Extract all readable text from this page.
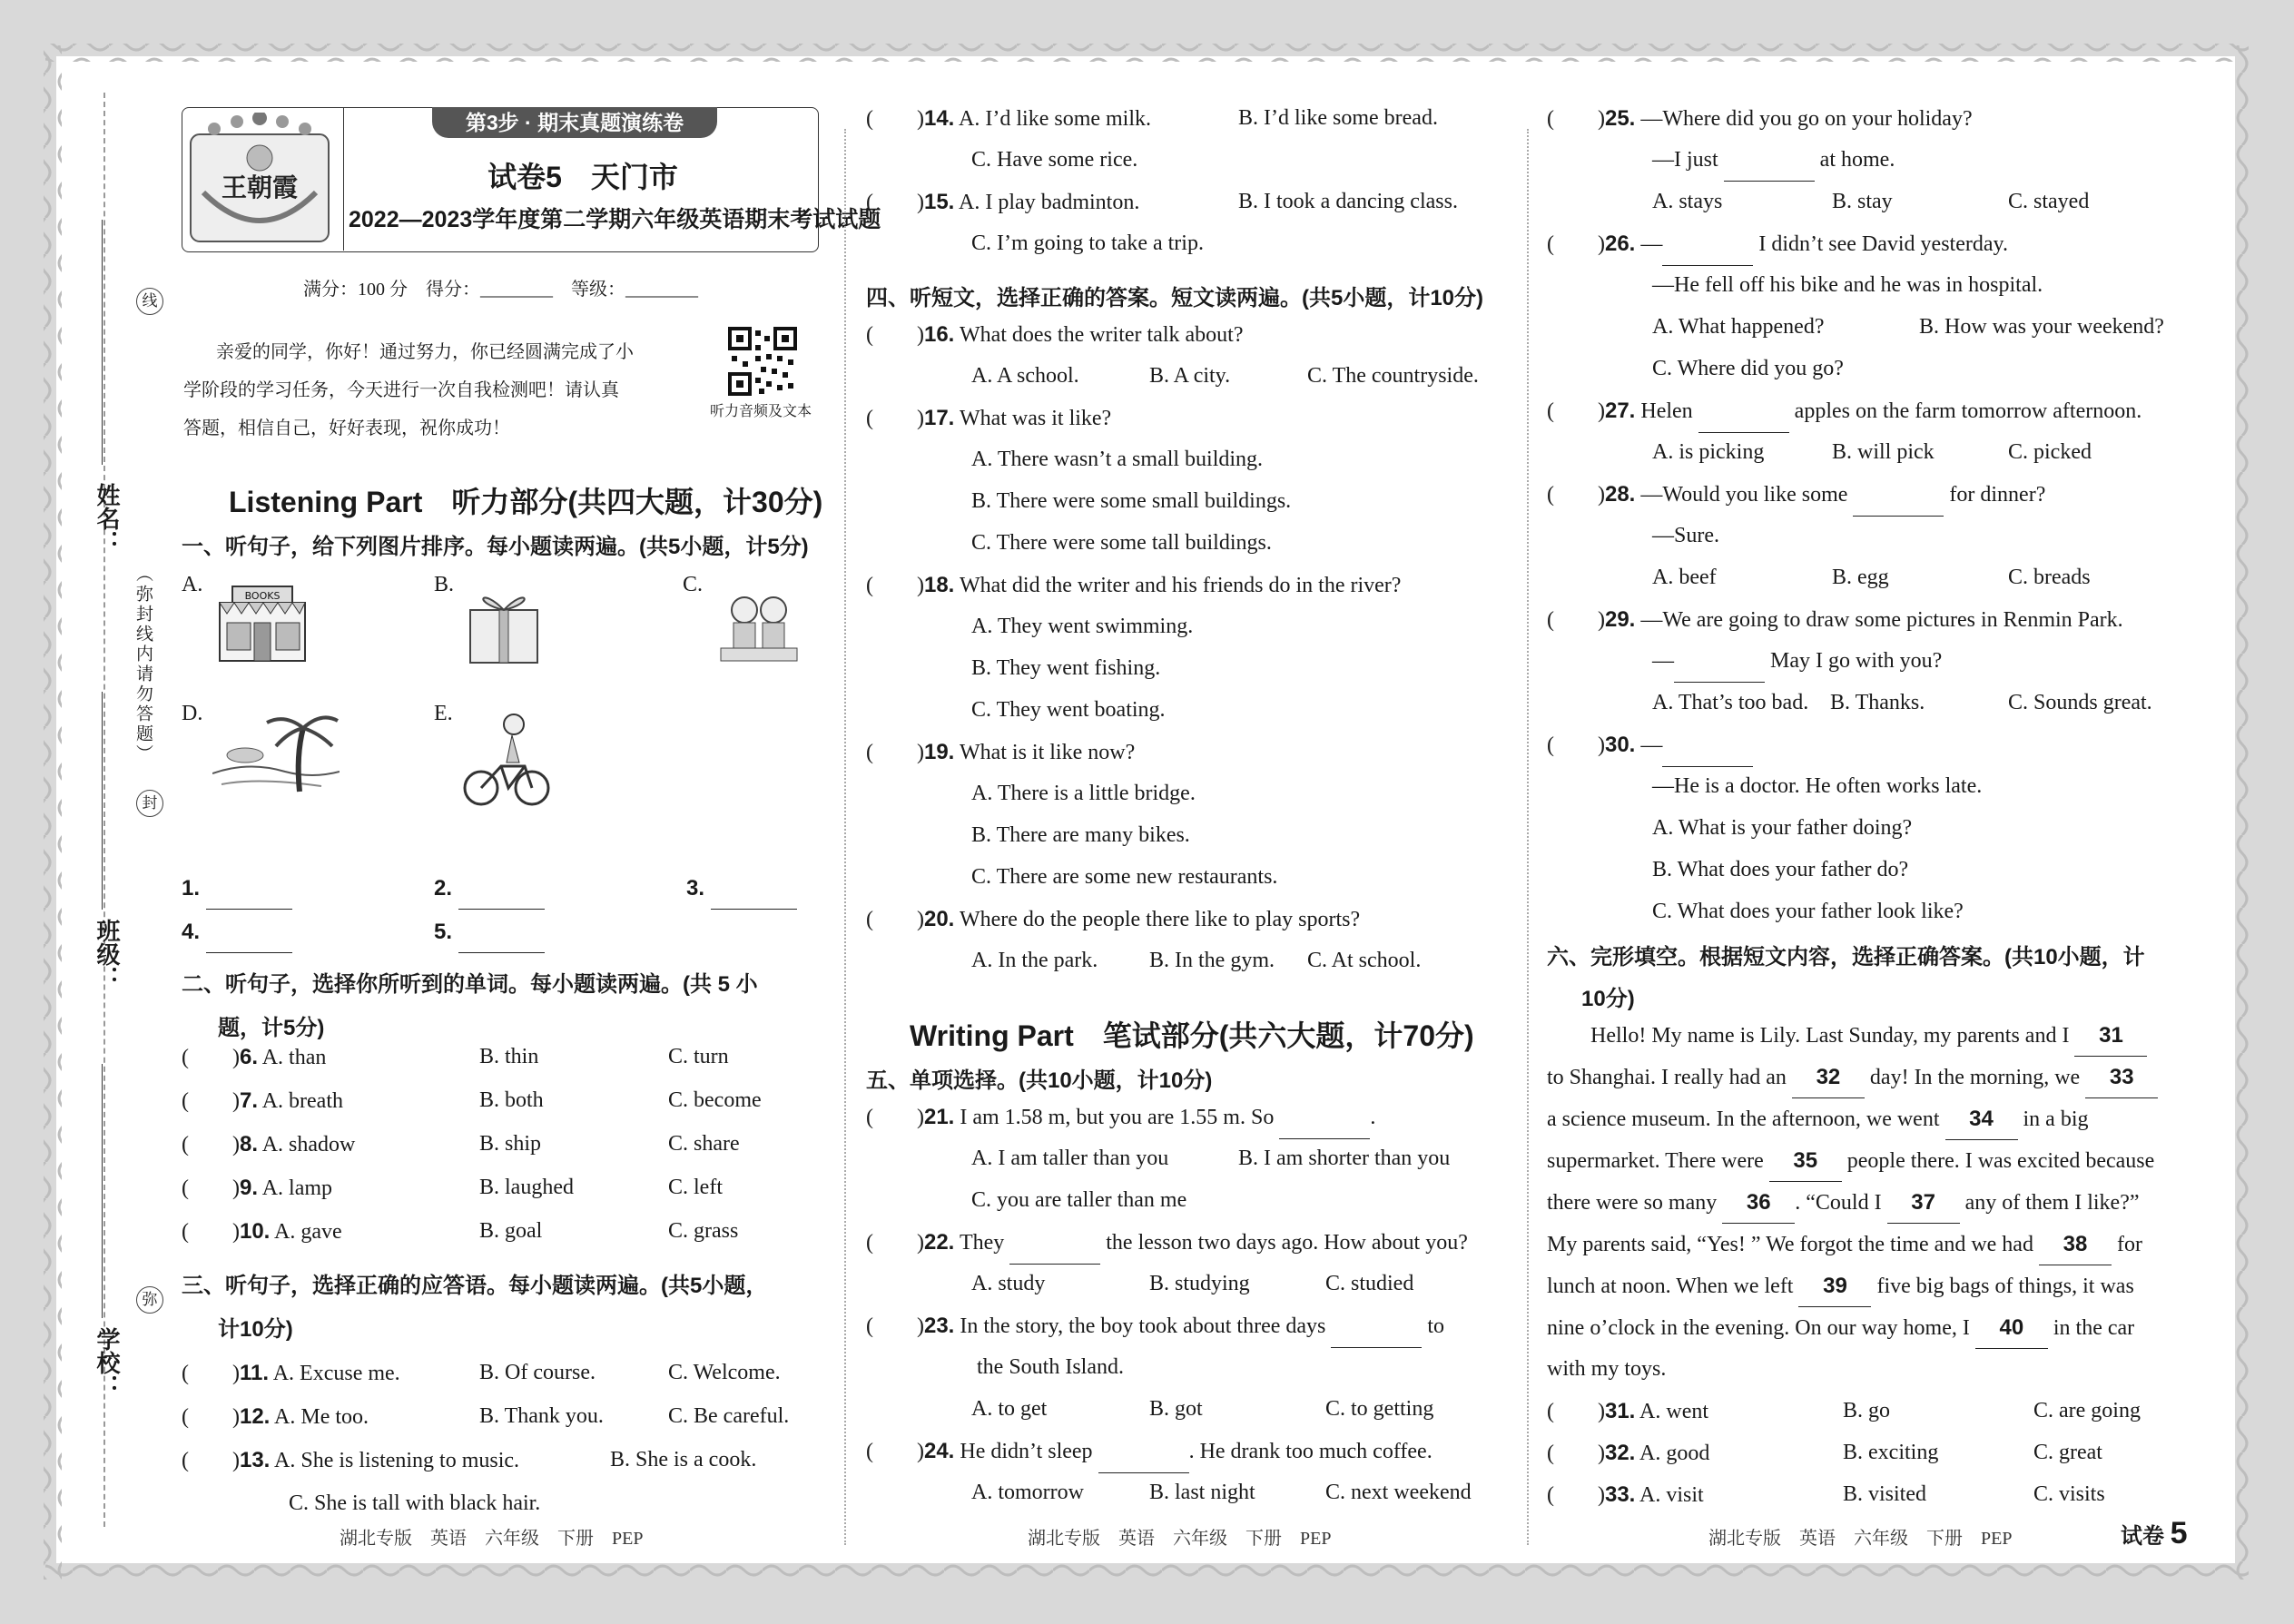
姓名：
班级：
学校：
线
封
弥
（弥封线内请勿答题）
王朝霞
第3步 · 期末真题演练卷
试卷5　天门市
2022—2023学年度第二学期六年级英语期末考试试题
满分：100 分　得分：________　等级：________
亲爱的同学，你好！通过努力，你已经圆满完成了小
学阶段的学习任务，今天进行一次自我检测吧！请认真
答题，相信自己，好好表现，祝你成功！
听力音频及文本
Listening Part　听力部分(共四大题，计30分)
一、听句子，给下列图片排序。每小题读两遍。(共5小题，计5分)
A.	BOOKS	B.	C.
D.	E.
1.	2.	3.
4.	5.
二、听句子，选择你所听到的单词。每小题读两遍。(共 5 小
题，计5分)
(　　)6. A. than	B. thin	C. turn
(　　)7. A. breath	B. both	C. become
(　　)8. A. shadow	B. ship	C. share
(　　)9. A. lamp	B. laughed	C. left
(　　)10. A. gave	B. goal	C. grass
三、听句子，选择正确的应答语。每小题读两遍。(共5小题，
计10分)
(　　)11. A. Excuse me.	B. Of course.	C. Welcome.
(　　)12. A. Me too.	B. Thank you.	C. Be careful.
(　　)13. A. She is listening to music.	B. She is a cook.
C. She is tall with black hair.
(　　)14. A. I’d like some milk.	B. I’d like some bread.
C. Have some rice.
(　　)15. A. I play badminton.	B. I took a dancing class.
C. I’m going to take a trip.
四、听短文，选择正确的答案。短文读两遍。(共5小题，计10分)
(　　)16. What does the writer talk about?
A. A school.	B. A city.	C. The countryside.
(　　)17. What was it like?
A. There wasn’t a small building.
B. There were some small buildings.
C. There were some tall buildings.
(　　)18. What did the writer and his friends do in the river?
A. They went swimming.
B. They went fishing.
C. They went boating.
(　　)19. What is it like now?
A. There is a little bridge.
B. There are many bikes.
C. There are some new restaurants.
(　　)20. Where do the people there like to play sports?
A. In the park. B. In the gym. C. At school.
Writing Part　笔试部分(共六大题，计70分)
五、单项选择。(共10小题，计10分)
(　　)21. I am 1.58 m, but you are 1.55 m. So	.
A. I am taller than you	B. I am shorter than you
C. you are taller than me
(　　)22. They	the lesson two days ago. How about you?
A. study	B. studying	C. studied
(　　)23. In the story, the boy took about three days	to
the South Island.
A. to get	B. got	C. to getting
(　　)24. He didn’t sleep	. He drank too much coffee.
A. tomorrow	B. last night	C. next weekend
(　　)25. —Where did you go on your holiday?
—I just	at home.
A. stays	B. stay	C. stayed
(　　)26. —	I didn’t see David yesterday.
—He fell off his bike and he was in hospital.
A. What happened?	B. How was your weekend?
C. Where did you go?
(　　)27. Helen	apples on the farm tomorrow afternoon.
A. is picking	B. will pick	C. picked
(　　)28. —Would you like some	for dinner?
—Sure.
A. beef	B. egg	C. breads
(　　)29. —We are going to draw some pictures in Renmin Park.
—	May I go with you?
A. That’s too bad. B. Thanks.	C. Sounds great.
(　　)30. —
—He is a doctor. He often works late.
A. What is your father doing?
B. What does your father do?
C. What does your father look like?
六、完形填空。根据短文内容，选择正确答案。(共10小题，计
10分)
Hello! My name is Lily. Last Sunday, my parents and I 31
to Shanghai. I really had an 32 day! In the morning, we 33
a science museum. In the afternoon, we went 34 in a big
supermarket. There were 35 people there. I was excited because
there were so many 36 . “Could I 37 any of them I like?”
My parents said, “Yes! ” We forgot the time and we had 38 for
lunch at noon. When we left 39 five big bags of things, it was
nine o’clock in the evening. On our way home, I 40 in the car
with my toys.
(　　)31. A. went	B. go	C. are going
(　　)32. A. good	B. exciting	C. great
(　　)33. A. visit	B. visited	C. visits
湖北专版　英语　六年级　下册　PEP	湖北专版　英语　六年级　下册　PEP	湖北专版　英语　六年级　下册　PEP	试卷 5
